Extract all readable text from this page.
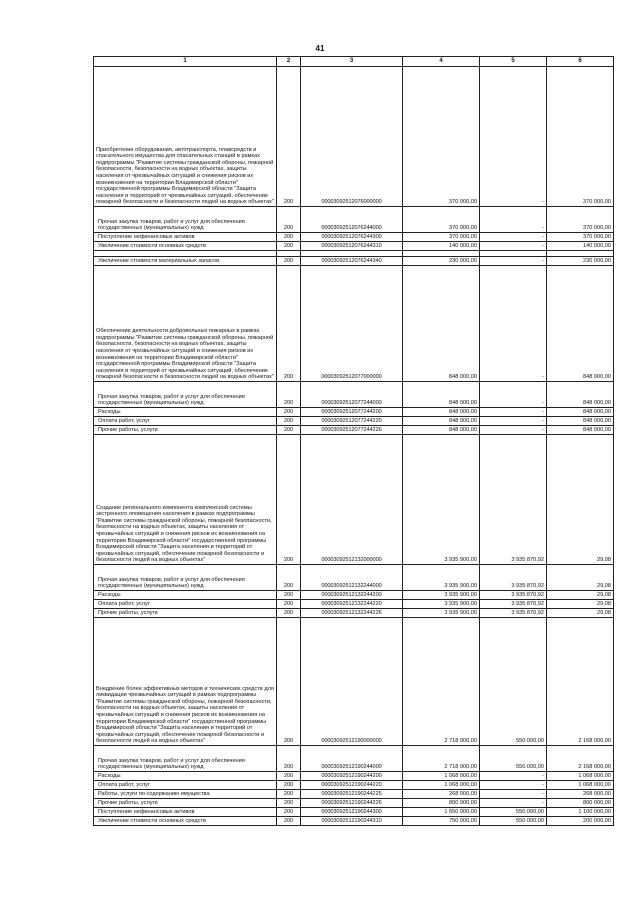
41
1	2	3	4	5	6
Приобретение оборудования, автотранспорта, плавсредств и спасательного имущества для спасательных станций в рамках подпрограммы "Развитие системы гражданской обороны, пожарной безопасности, безопасности на водных объектах, защиты населения от чрезвычайных ситуаций и снижения рисков их возникновения на территории Владимирской области" государственной программы Владимирской области "Защита населения и территорий от чрезвычайных ситуаций, обеспечение пожарной безопасности и безопасности людей на водных объектах"	200	00003092512076000000	370 000,00	-	370 000,00
Прочая закупка товаров, работ и услуг для обеспечения государственных (муниципальных) нужд	200	00003092512076244000	370 000,00	-	370 000,00
Поступление нефинансовых активов	200	00003092512076244300	370 000,00	-	370 000,00
Увеличение стоимости основных средств	200	00003092512076244310	140 000,00	-	140 000,00

Увеличение стоимости материальных запасов	200	00003092512076244340	230 000,00	-	230 000,00
Обеспечение деятельности добровольных пожарных в рамках подпрограммы "Развитие системы гражданской обороны, пожарной безопасности, безопасности на водных объектах, защиты населения от чрезвычайных ситуаций и снижения рисков их возникновения на территории Владимирской области" государственной программы Владимирской области "Защита населения и территорий от чрезвычайных ситуаций, обеспечение пожарной безопасности и безопасности людей на водных объектах"	200	00003092512077000000	848 000,00	-	848 000,00
Прочая закупка товаров, работ и услуг для обеспечения государственных (муниципальных) нужд	200	00003092512077244000	848 000,00	-	848 000,00
Расходы	200	00003092512077244200	848 000,00	-	848 000,00
Оплата работ, услуг	200	00003092512077244220	848 000,00	-	848 000,00
Прочие работы, услуги	200	00003092512077244226	848 000,00	-	848 000,00
Создание регионального компонента комплексной системы экстренного оповещения населения в рамках подпрограммы "Развитие системы гражданской обороны, пожарной безопасности, безопасности на водных объектах, защиты населения от чрезвычайных ситуаций и снижения рисков их возникновения на территории Владимирской области" государственной программы Владимирской области "Защита населения и территорий от чрезвычайных ситуаций, обеспечение пожарной безопасности и безопасности людей на водных объектах"	200	00003092512132000000	3 935 900,00	3 935 870,92	29,08
Прочая закупка товаров, работ и услуг для обеспечения государственных (муниципальных) нужд	200	00003092512132244000	3 935 900,00	3 935 870,92	29,08
Расходы	200	00003092512132244200	3 935 900,00	3 935 870,92	29,08
Оплата работ, услуг	200	00003092512132244220	3 935 900,00	3 935 870,92	29,08
Прочие работы, услуги	200	00003092512132244226	3 935 900,00	3 935 870,92	29,08
Внедрение более эффективных методов и технических средств для ликвидации чрезвычайных ситуаций в рамках подпрограммы "Развитие системы гражданской обороны, пожарной безопасности, безопасности на водных объектах, защиты населения от чрезвычайных ситуаций и снижения рисков их возникновения на территории Владимирской области" государственной программы Владимирской области "Защита населения и территорий от чрезвычайных ситуаций, обеспечение пожарной безопасности и безопасности людей на водных объектах"	200	00003092512190000000	2 718 000,00	550 000,00	2 168 000,00
Прочая закупка товаров, работ и услуг для обеспечения государственных (муниципальных) нужд	200	00003092512190244000	2 718 000,00	550 000,00	2 168 000,00
Расходы	200	00003092512190244200	1 068 000,00	-	1 068 000,00
Оплата работ, услуг	200	00003092512190244220	1 068 000,00	-	1 068 000,00
Работы, услуги по содержанию имущества	200	00003092512190244225	268 000,00	-	268 000,00
Прочие работы, услуги	200	00003092512190244226	800 000,00	-	800 000,00
Поступление нефинансовых активов	200	00003092512190244300	1 650 000,00	550 000,00	1 100 000,00
Увеличение стоимости основных средств	200	00003092512190244310	750 000,00	550 000,00	200 000,00
